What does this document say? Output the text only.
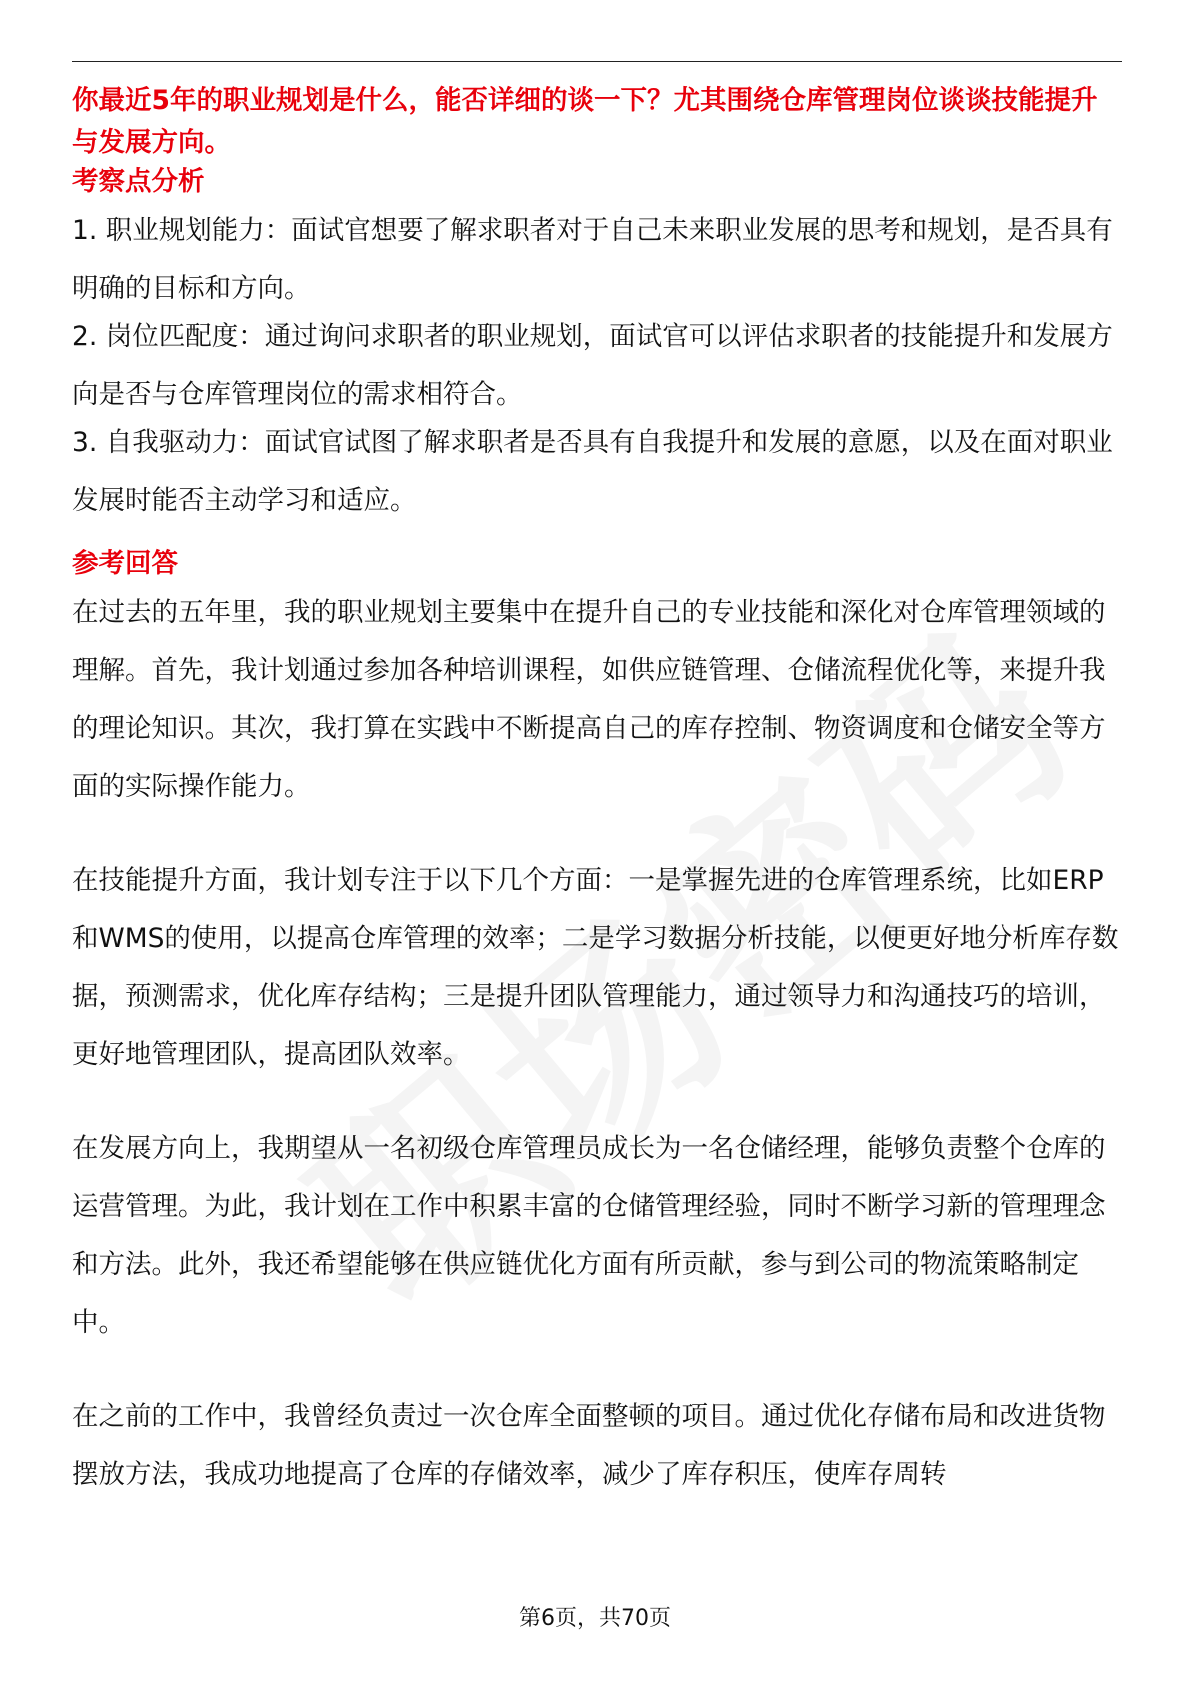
你最近5年的职业规划是什么，能否详细的谈一下？尤其围绕仓库管理岗位谈谈技能提升与发展方向。
考察点分析

1. 职业规划能力：面试官想要了解求职者对于自己未来职业发展的思考和规划，是否具有明确的目标和方向。

2. 岗位匹配度：通过询问求职者的职业规划，面试官可以评估求职者的技能提升和发展方向是否与仓库管理岗位的需求相符合。

3. 自我驱动力：面试官试图了解求职者是否具有自我提升和发展的意愿，以及在面对职业发展时能否主动学习和适应。

参考回答

在过去的五年里，我的职业规划主要集中在提升自己的专业技能和深化对仓库管理领域的理解。首先，我计划通过参加各种培训课程，如供应链管理、仓储流程优化等，来提升我的理论知识。其次，我打算在实践中不断提高自己的库存控制、物资调度和仓储安全等方面的实际操作能力。

在技能提升方面，我计划专注于以下几个方面：一是掌握先进的仓库管理系统，比如ERP和WMS的使用，以提高仓库管理的效率；二是学习数据分析技能，以便更好地分析库存数据，预测需求，优化库存结构；三是提升团队管理能力，通过领导力和沟通技巧的培训，更好地管理团队，提高团队效率。

在发展方向上，我期望从一名初级仓库管理员成长为一名仓储经理，能够负责整个仓库的运营管理。为此，我计划在工作中积累丰富的仓储管理经验，同时不断学习新的管理理念和方法。此外，我还希望能够在供应链优化方面有所贡献，参与到公司的物流策略制定中。

在之前的工作中，我曾经负责过一次仓库全面整顿的项目。通过优化存储布局和改进货物摆放方法，我成功地提高了仓库的存储效率，减少了库存积压，使库存周转

第6页，共70页
